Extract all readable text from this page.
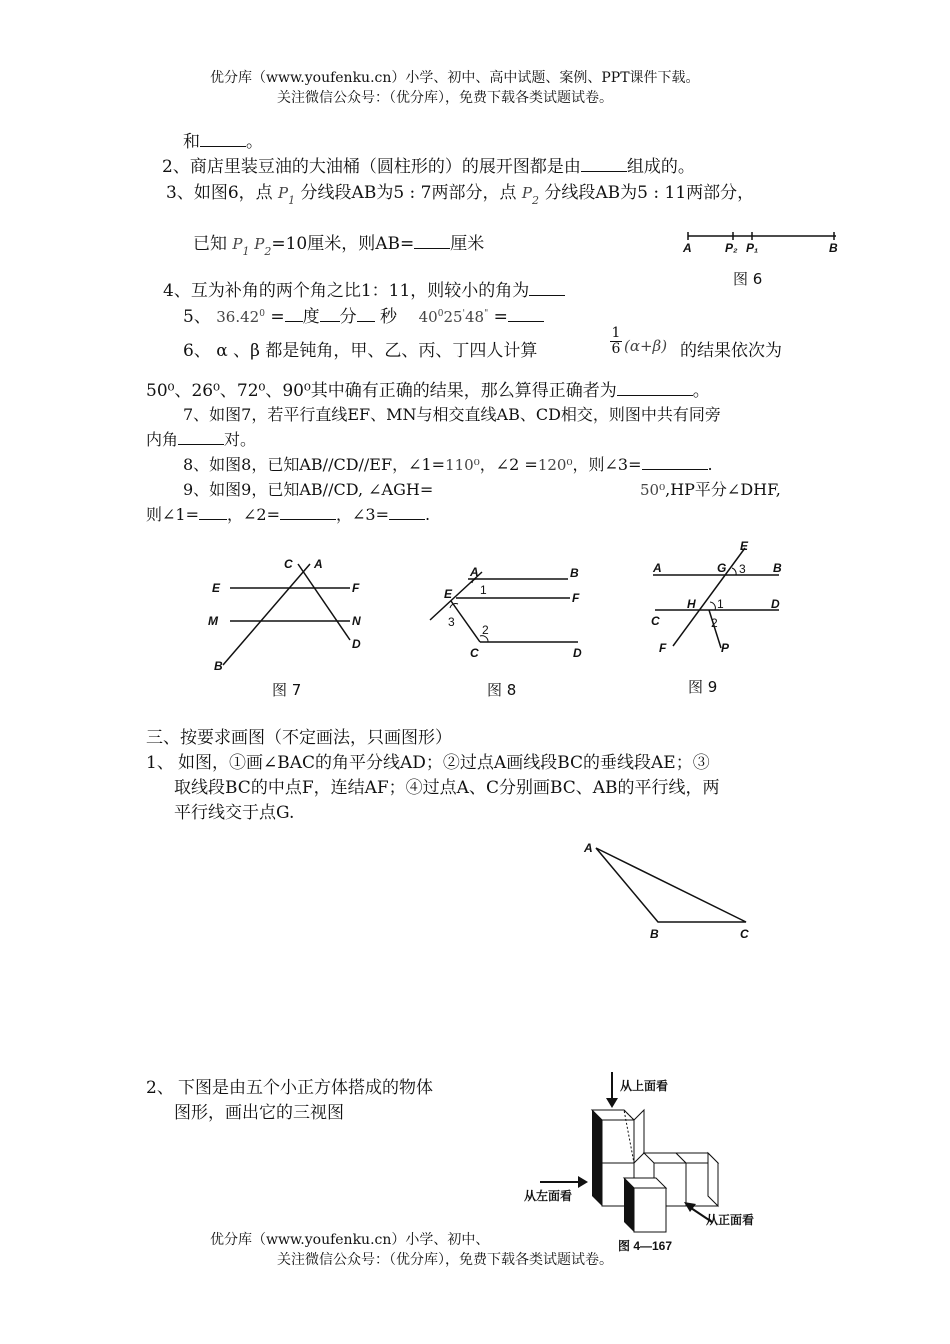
优分库（www.youfenku.cn）小学、初中、高中试题、案例、PPT课件下载。
关注微信公众号：（优分库），免费下载各类试题试卷。
和	。
2、商店里装豆油的大油桶（圆柱形的）的展开图都是由	组成的。
3、如图6，点 $P_1$ 分线段AB为5 : 7两部分，点 $P_2$ 分线段AB为5 : 11两部分，
已知 $P_1$ $P_2=10$厘米，则AB= 厘米	A	P₂ P₁	B
图 6
4、互为补角的两个角之比1：11，则较小的角为
5、 $36.42^0$ = 度 分 秒 $40^025'48^"$ =
6、 α 、β 都是钝角，甲、乙、丙、丁四人计算
1
6 (α+β) 的结果依次为
50⁰、26⁰、72⁰、90⁰其中确有正确的结果，那么算得正确者为	。
7、如图7，若平行直线EF、MN与相交直线AB、CD相交，则图中共有同旁
内角	对。
8、如图8，已知AB//CD//EF，∠1=110⁰，∠2 =120⁰，则∠3=	.
9、如图9，已知AB//CD, ∠AGH=	50⁰,HP平分∠DHF,
则∠1= ，∠2=	，∠3= .
C A
E	F
M	N
B
D
图 7
A	B
E 1
F
3
2
C	D
图 8
E
A	G 3 B
H 1
C
D
2
F	P
图 9
三、按要求画图（不定画法，只画图形）
1、 如图，①画∠BAC的角平分线AD；②过点A画线段BC的垂线段AE；③
取线段BC的中点F，连结AF；④过点A、C分别画BC、AB的平行线，两
平行线交于点G.
A
B	C
2、 下图是由五个小正方体搭成的物体
图形，画出它的三视图
从上面看
从左面看
从正面看
图 4—167
优分库（www.youfenku.cn）小学、初中、
关注微信公众号：（优分库），免费下载各类试题试卷。
